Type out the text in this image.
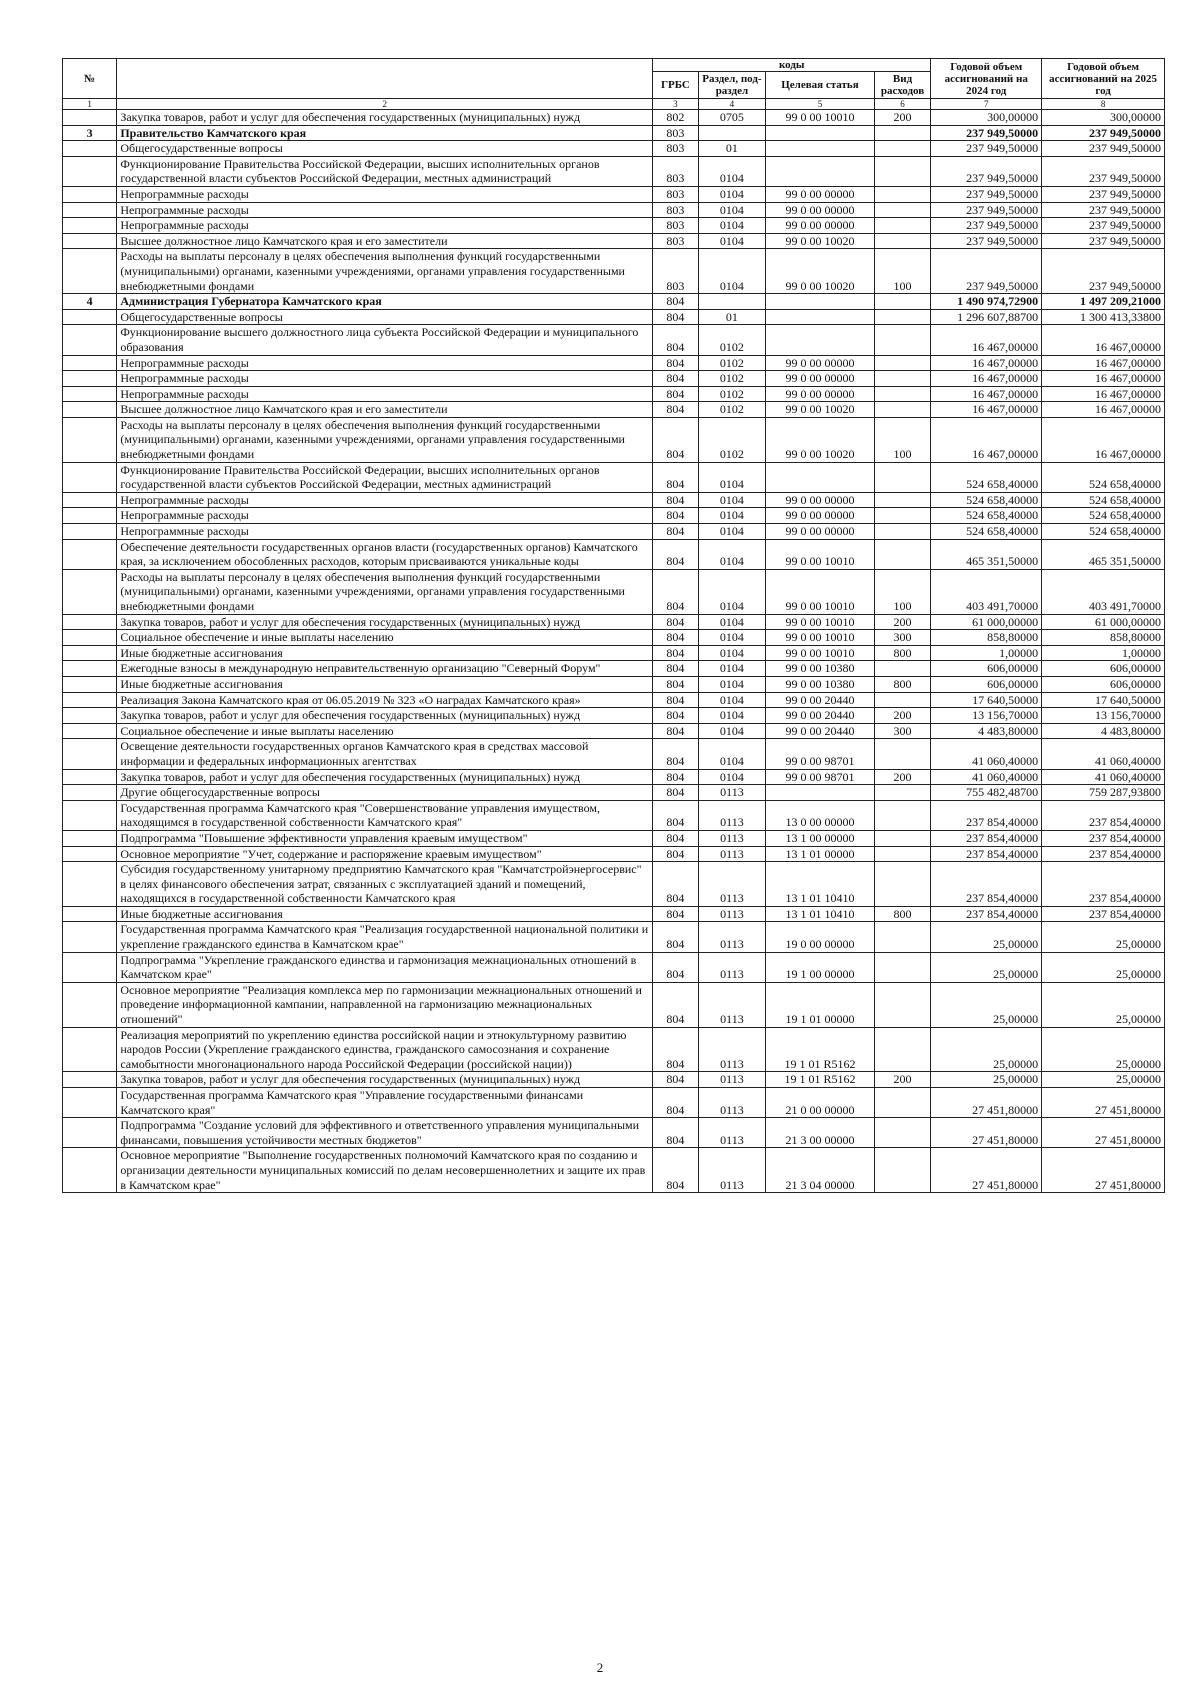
№		коды				Годовой объем ассигнований на 2024 год	Годовой объем ассигнований на 2025 год
		ГРБС	Раздел, под-раздел	Целевая статья	Вид расходов		
1	2	3	4	5	6	7	8
	Закупка товаров, работ и услуг для обеспечения государственных (муниципальных) нужд	802	0705	99 0 00 10010	200	300,00000	300,00000
3	Правительство Камчатского края	803				237 949,50000	237 949,50000
	Общегосударственные вопросы	803	01			237 949,50000	237 949,50000
	Функционирование Правительства Российской Федерации, высших исполнительных органов государственной власти субъектов Российской Федерации, местных администраций	803	0104			237 949,50000	237 949,50000
	Непрограммные расходы	803	0104	99 0 00 00000		237 949,50000	237 949,50000
	Непрограммные расходы	803	0104	99 0 00 00000		237 949,50000	237 949,50000
	Непрограммные расходы	803	0104	99 0 00 00000		237 949,50000	237 949,50000
	Высшее должностное лицо Камчатского края и его заместители	803	0104	99 0 00 10020		237 949,50000	237 949,50000
	Расходы на выплаты персоналу в целях обеспечения выполнения функций государственными (муниципальными) органами, казенными учреждениями, органами управления государственными внебюджетными фондами	803	0104	99 0 00 10020	100	237 949,50000	237 949,50000
4	Администрация Губернатора Камчатского края	804				1 490 974,72900	1 497 209,21000
	Общегосударственные вопросы	804	01			1 296 607,88700	1 300 413,33800
	Функционирование высшего должностного лица субъекта Российской Федерации и муниципального образования	804	0102			16 467,00000	16 467,00000
	Непрограммные расходы	804	0102	99 0 00 00000		16 467,00000	16 467,00000
	Непрограммные расходы	804	0102	99 0 00 00000		16 467,00000	16 467,00000
	Непрограммные расходы	804	0102	99 0 00 00000		16 467,00000	16 467,00000
	Высшее должностное лицо Камчатского края и его заместители	804	0102	99 0 00 10020		16 467,00000	16 467,00000
	Расходы на выплаты персоналу в целях обеспечения выполнения функций государственными (муниципальными) органами, казенными учреждениями, органами управления государственными внебюджетными фондами	804	0102	99 0 00 10020	100	16 467,00000	16 467,00000
	Функционирование Правительства Российской Федерации, высших исполнительных органов государственной власти субъектов Российской Федерации, местных администраций	804	0104			524 658,40000	524 658,40000
	Непрограммные расходы	804	0104	99 0 00 00000		524 658,40000	524 658,40000
	Непрограммные расходы	804	0104	99 0 00 00000		524 658,40000	524 658,40000
	Непрограммные расходы	804	0104	99 0 00 00000		524 658,40000	524 658,40000
	Обеспечение деятельности государственных органов власти (государственных органов) Камчатского края, за исключением обособленных расходов, которым присваиваются уникальные коды	804	0104	99 0 00 10010		465 351,50000	465 351,50000
	Расходы на выплаты персоналу в целях обеспечения выполнения функций государственными (муниципальными) органами, казенными учреждениями, органами управления государственными внебюджетными фондами	804	0104	99 0 00 10010	100	403 491,70000	403 491,70000
	Закупка товаров, работ и услуг для обеспечения государственных (муниципальных) нужд	804	0104	99 0 00 10010	200	61 000,00000	61 000,00000
	Социальное обеспечение и иные выплаты населению	804	0104	99 0 00 10010	300	858,80000	858,80000
	Иные бюджетные ассигнования	804	0104	99 0 00 10010	800	1,00000	1,00000
	Ежегодные взносы в международную неправительственную организацию "Северный Форум"	804	0104	99 0 00 10380		606,00000	606,00000
	Иные бюджетные ассигнования	804	0104	99 0 00 10380	800	606,00000	606,00000
	Реализация Закона Камчатского края от 06.05.2019 № 323 «О наградах Камчатского края»	804	0104	99 0 00 20440		17 640,50000	17 640,50000
	Закупка товаров, работ и услуг для обеспечения государственных (муниципальных) нужд	804	0104	99 0 00 20440	200	13 156,70000	13 156,70000
	Социальное обеспечение и иные выплаты населению	804	0104	99 0 00 20440	300	4 483,80000	4 483,80000
	Освещение деятельности государственных органов Камчатского края в средствах массовой информации и федеральных информационных агентствах	804	0104	99 0 00 98701		41 060,40000	41 060,40000
	Закупка товаров, работ и услуг для обеспечения государственных (муниципальных) нужд	804	0104	99 0 00 98701	200	41 060,40000	41 060,40000
	Другие общегосударственные вопросы	804	0113			755 482,48700	759 287,93800
	Государственная программа Камчатского края "Совершенствование управления имуществом, находящимся в государственной собственности Камчатского края"	804	0113	13 0 00 00000		237 854,40000	237 854,40000
	Подпрограмма "Повышение эффективности управления краевым имуществом"	804	0113	13 1 00 00000		237 854,40000	237 854,40000
	Основное мероприятие "Учет, содержание и распоряжение краевым имуществом"	804	0113	13 1 01 00000		237 854,40000	237 854,40000
	Субсидия государственному унитарному предприятию Камчатского края "Камчатстройэнергосервис" в целях финансового обеспечения затрат, связанных с эксплуатацией зданий и помещений, находящихся в государственной собственности Камчатского края	804	0113	13 1 01 10410		237 854,40000	237 854,40000
	Иные бюджетные ассигнования	804	0113	13 1 01 10410	800	237 854,40000	237 854,40000
	Государственная программа Камчатского края "Реализация государственной национальной политики и укрепление гражданского единства в Камчатском крае"	804	0113	19 0 00 00000		25,00000	25,00000
	Подпрограмма "Укрепление гражданского единства и гармонизация межнациональных отношений в Камчатском крае"	804	0113	19 1 00 00000		25,00000	25,00000
	Основное мероприятие "Реализация комплекса мер по гармонизации межнациональных отношений и проведение информационной кампании, направленной на гармонизацию межнациональных отношений"	804	0113	19 1 01 00000		25,00000	25,00000
	Реализация мероприятий по укреплению единства российской нации и этнокультурному развитию народов России (Укрепление гражданского единства, гражданского самосознания и сохранение самобытности многонационального народа Российской Федерации (российской нации))	804	0113	19 1 01 R5162		25,00000	25,00000
	Закупка товаров, работ и услуг для обеспечения государственных (муниципальных) нужд	804	0113	19 1 01 R5162	200	25,00000	25,00000
	Государственная программа Камчатского края "Управление государственными финансами Камчатского края"	804	0113	21 0 00 00000		27 451,80000	27 451,80000
	Подпрограмма "Создание условий для эффективного и ответственного управления муниципальными финансами, повышения устойчивости местных бюджетов"	804	0113	21 3 00 00000		27 451,80000	27 451,80000
	Основное мероприятие "Выполнение государственных полномочий Камчатского края по созданию и организации деятельности муниципальных комиссий по делам несовершеннолетних и защите их прав в Камчатском крае"	804	0113	21 3 04 00000		27 451,80000	27 451,80000
2
